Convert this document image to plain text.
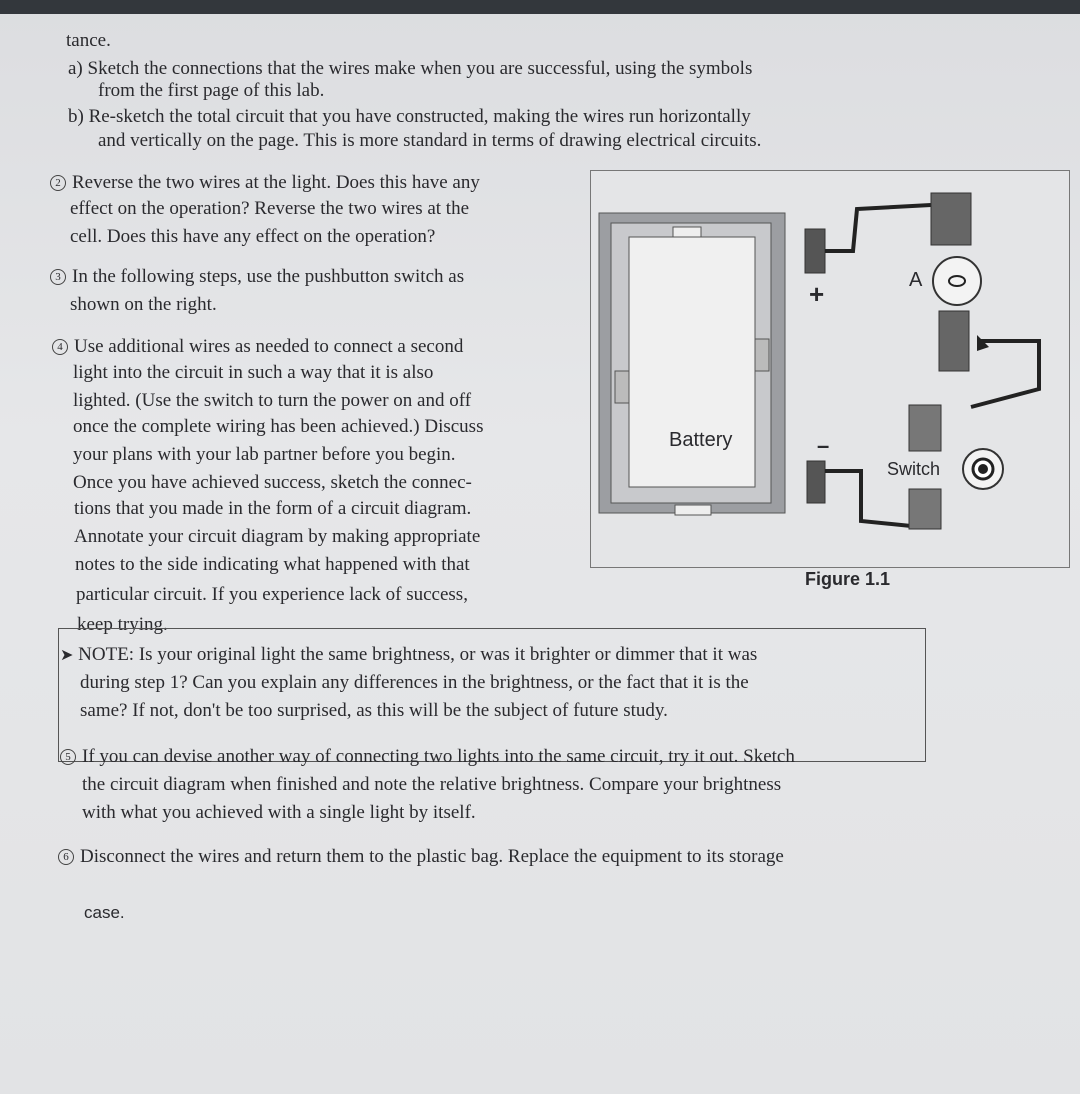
tance.
a) Sketch the connections that the wires make when you are successful, using the symbols
from the first page of this lab.
b) Re-sketch the total circuit that you have constructed, making the wires run horizontally
and vertically on the page. This is more standard in terms of drawing electrical circuits.
2 Reverse the two wires at the light. Does this have any
effect on the operation? Reverse the two wires at the
cell. Does this have any effect on the operation?
3 In the following steps, use the pushbutton switch as
shown on the right.
4 Use additional wires as needed to connect a second
light into the circuit in such a way that it is also
lighted. (Use the switch to turn the power on and off
once the complete wiring has been achieved.) Discuss
your plans with your lab partner before you begin.
Once you have achieved success, sketch the connec-
tions that you made in the form of a circuit diagram.
Annotate your circuit diagram by making appropriate
notes to the side indicating what happened with that
particular circuit. If you experience lack of success,
keep trying.
Battery
+
–
A
Switch
Figure 1.1
➤ NOTE: Is your original light the same brightness, or was it brighter or dimmer that it was
during step 1? Can you explain any differences in the brightness, or the fact that it is the
same? If not, don't be too surprised, as this will be the subject of future study.
5 If you can devise another way of connecting two lights into the same circuit, try it out. Sketch
the circuit diagram when finished and note the relative brightness. Compare your brightness
with what you achieved with a single light by itself.
6 Disconnect the wires and return them to the plastic bag. Replace the equipment to its storage
case.
